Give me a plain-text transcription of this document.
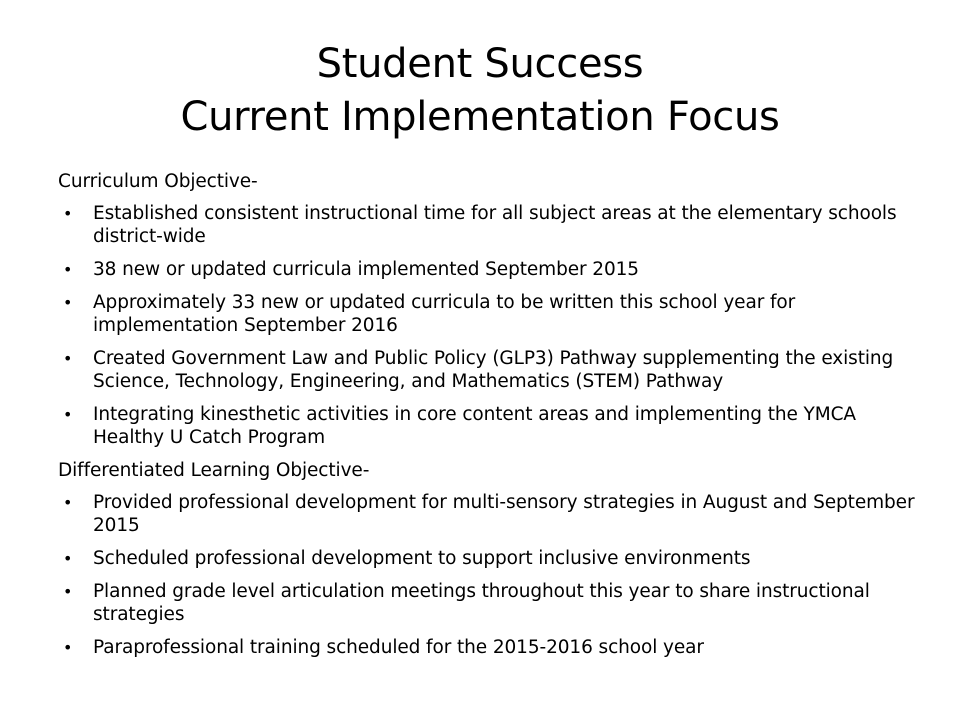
Student Success
Current Implementation Focus
Curriculum Objective-
• Established consistent instructional time for all subject areas at the elementary schools district-wide
• 38 new or updated curricula implemented September 2015
• Approximately 33 new or updated curricula to be written this school year for implementation September 2016
• Created Government Law and Public Policy (GLP3) Pathway supplementing the existing Science, Technology, Engineering, and Mathematics (STEM) Pathway
• Integrating kinesthetic activities in core content areas and implementing the YMCA Healthy U Catch Program
Differentiated Learning Objective-
• Provided professional development for multi-sensory strategies in August and September 2015
• Scheduled professional development to support inclusive environments
• Planned grade level articulation meetings throughout this year to share instructional strategies
• Paraprofessional training scheduled for the 2015-2016 school year
